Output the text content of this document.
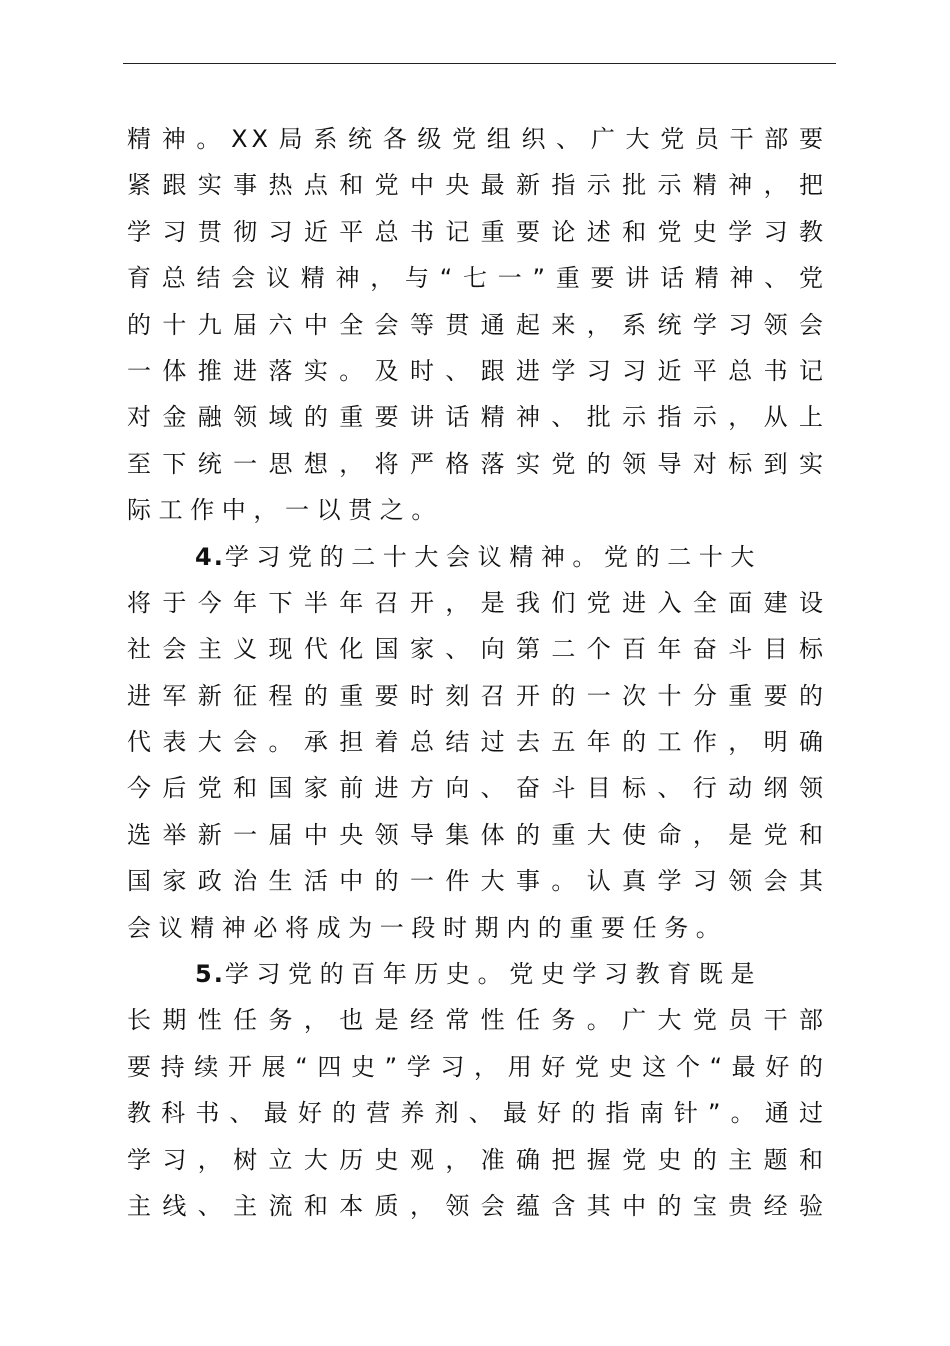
精神。XX局系统各级党组织、广大党员干部要
紧跟实事热点和党中央最新指示批示精神，把
学习贯彻习近平总书记重要论述和党史学习教
育总结会议精神，与“七一”重要讲话精神、党
的十九届六中全会等贯通起来，系统学习领会
一体推进落实。及时、跟进学习习近平总书记
对金融领域的重要讲话精神、批示指示，从上
至下统一思想，将严格落实党的领导对标到实
际工作中，一以贯之。
4.学习党的二十大会议精神。党的二十大
将于今年下半年召开，是我们党进入全面建设
社会主义现代化国家、向第二个百年奋斗目标
进军新征程的重要时刻召开的一次十分重要的
代表大会。承担着总结过去五年的工作，明确
今后党和国家前进方向、奋斗目标、行动纲领
选举新一届中央领导集体的重大使命，是党和
国家政治生活中的一件大事。认真学习领会其
会议精神必将成为一段时期内的重要任务。
5.学习党的百年历史。党史学习教育既是
长期性任务，也是经常性任务。广大党员干部
要持续开展“四史”学习，用好党史这个“最好的
教科书、最好的营养剂、最好的指南针”。通过
学习，树立大历史观，准确把握党史的主题和
主线、主流和本质，领会蕴含其中的宝贵经验
